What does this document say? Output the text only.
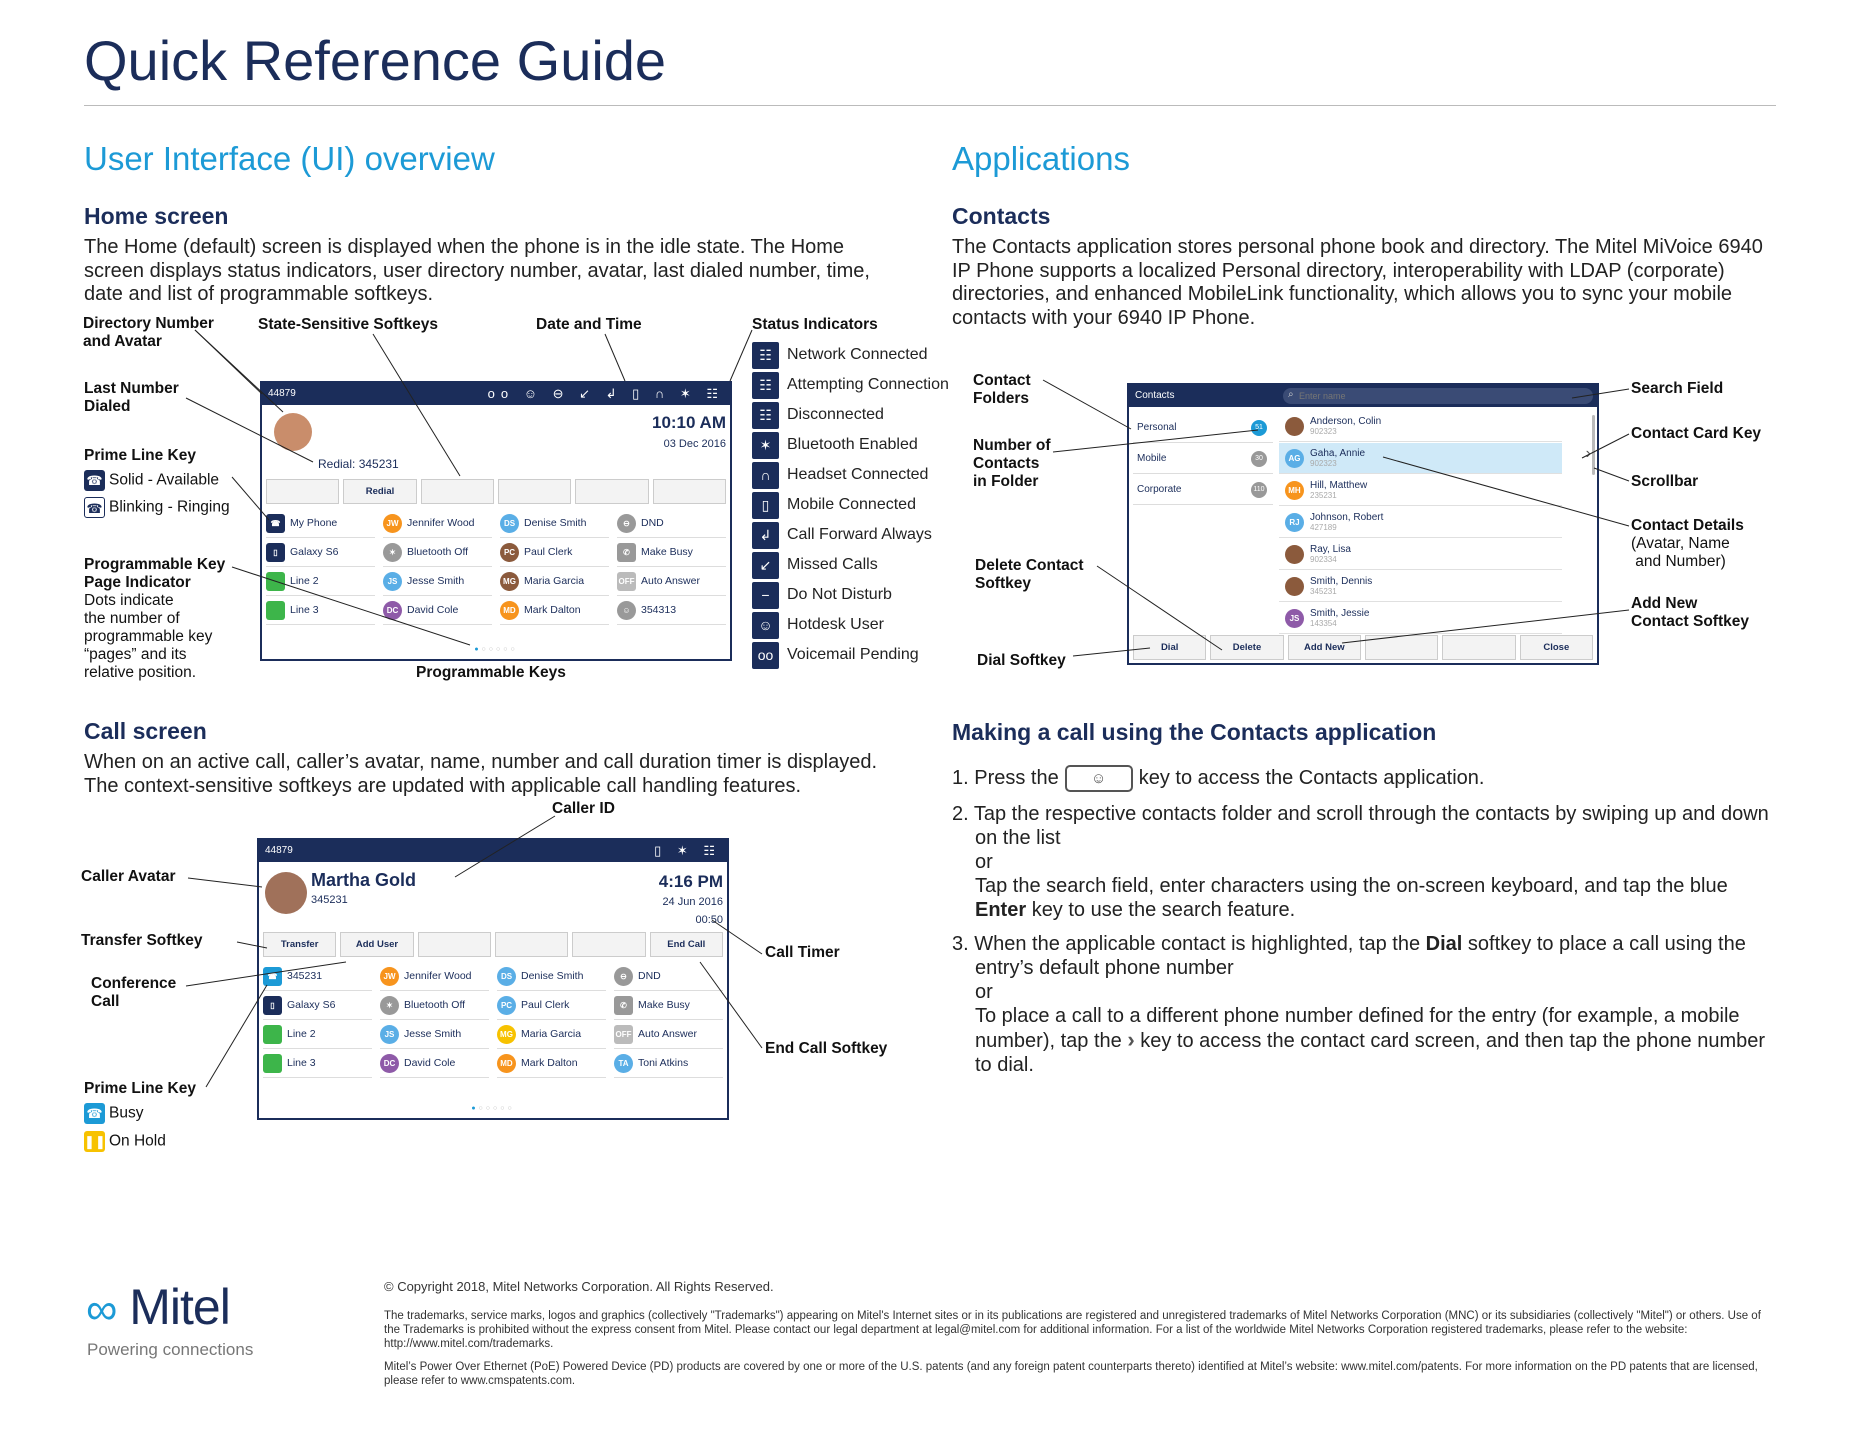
Quick Reference Guide
User Interface (UI) overview	Applications
Home screen
The Home (default) screen is displayed when the phone is in the idle state. The Home screen displays status indicators, user directory number, avatar, last dialed number, time, date and list of programmable softkeys.
Directory Number
and Avatar
State-Sensitive Softkeys	Date and Time	Status Indicators
Last Number
Dialed
Prime Line Key
☎ Solid - Available
☎ Blinking - Ringing
Programmable Key
Page Indicator
Dots indicate
the number of
programmable key
“pages” and its
relative position.	Programmable Keys
44879	oo ☺ ⊖ ↙ ↲ ▯ ∩ ✶ ☷
Redial: 345231
10:10 AM
03 Dec 2016
Redial
☎ My Phone	JW Jennifer Wood	DS Denise Smith	⊖	DND
▯	Galaxy S6	✶	Bluetooth Off	PC Paul Clerk	✆	Make Busy
Line 2	JS Jesse Smith	MG Maria Garcia	OFF Auto Answer
Line 3	DC David Cole	MD Mark Dalton	☺ 354313
●○○○○○
☷ Network Connected
☷ Attempting Connection
☷ Disconnected
✶ Bluetooth Enabled
∩	Headset Connected
▯	Mobile Connected
↲ Call Forward Always
↙ Missed Calls
−	Do Not Disturb
☺ Hotdesk User
oo Voicemail Pending
Call screen
When on an active call, caller’s avatar, name, number and call duration timer is displayed. The context-sensitive softkeys are updated with applicable call handling features.
Caller ID
Caller Avatar
Transfer Softkey
Conference
Call
Prime Line Key
☎ Busy
❚❚ On Hold
Call Timer
End Call Softkey
44879	▯ ✶ ☷
Martha Gold
345231
4:16 PM
24 Jun 2016
00:50
Transfer	Add User	End Call
☎ 345231	JW Jennifer Wood	DS Denise Smith	⊖	DND
▯	Galaxy S6	✶	Bluetooth Off	PC Paul Clerk	✆	Make Busy
Line 2	JS Jesse Smith	MG Maria Garcia	OFF Auto Answer
Line 3	DC David Cole	MD Mark Dalton	TA Toni Atkins
●○○○○○
Contacts
The Contacts application stores personal phone book and directory. The Mitel MiVoice 6940 IP Phone supports a localized Personal directory, interoperability with LDAP (corporate) directories, and enhanced MobileLink functionality, which allows you to sync your mobile contacts with your 6940 IP Phone.
Contact
Folders
Number of
Contacts
in Folder
Delete Contact
Softkey
Dial Softkey
Search Field
Contact Card Key
Scrollbar
Contact Details
(Avatar, Name
and Number)
Add New
Contact Softkey
Contacts
Enter name	⌕
Personal	51
Mobile	30
Corporate	110
Anderson, Colin
902323
AG Gaha, Annie
902323
MH Hill, Matthew
235231
RJ	Johnson, Robert
427189
Ray, Lisa
902334
Smith, Dennis
345231
JS	Smith, Jessie
143354
›
Dial	Delete	Add New	Close
Making a call using the Contacts application
1. Press the ☺ key to access the Contacts application.
2. Tap the respective contacts folder and scroll through the contacts by swiping up and down on the list
or
Tap the search field, enter characters using the on-screen keyboard, and tap the blue Enter key to use the search feature.
3. When the applicable contact is highlighted, tap the Dial softkey to place a call using the entry’s default phone number
or
To place a call to a different phone number defined for the entry (for example, a mobile number), tap the › key to access the contact card screen, and then tap the phone number to dial.
∞ Mitel
Powering connections
© Copyright 2018, Mitel Networks Corporation. All Rights Reserved.
The trademarks, service marks, logos and graphics (collectively "Trademarks") appearing on Mitel's Internet sites or in its publications are registered and unregistered trademarks of Mitel Networks Corporation (MNC) or its subsidiaries (collectively "Mitel") or others. Use of the Trademarks is prohibited without the express consent from Mitel. Please contact our legal department at legal@mitel.com for additional information. For a list of the worldwide Mitel Networks Corporation registered trademarks, please refer to the website: http://www.mitel.com/trademarks.
Mitel’s Power Over Ethernet (PoE) Powered Device (PD) products are covered by one or more of the U.S. patents (and any foreign patent counterparts thereto) identified at Mitel’s website: www.mitel.com/patents. For more information on the PD patents that are licensed, please refer to www.cmspatents.com.
